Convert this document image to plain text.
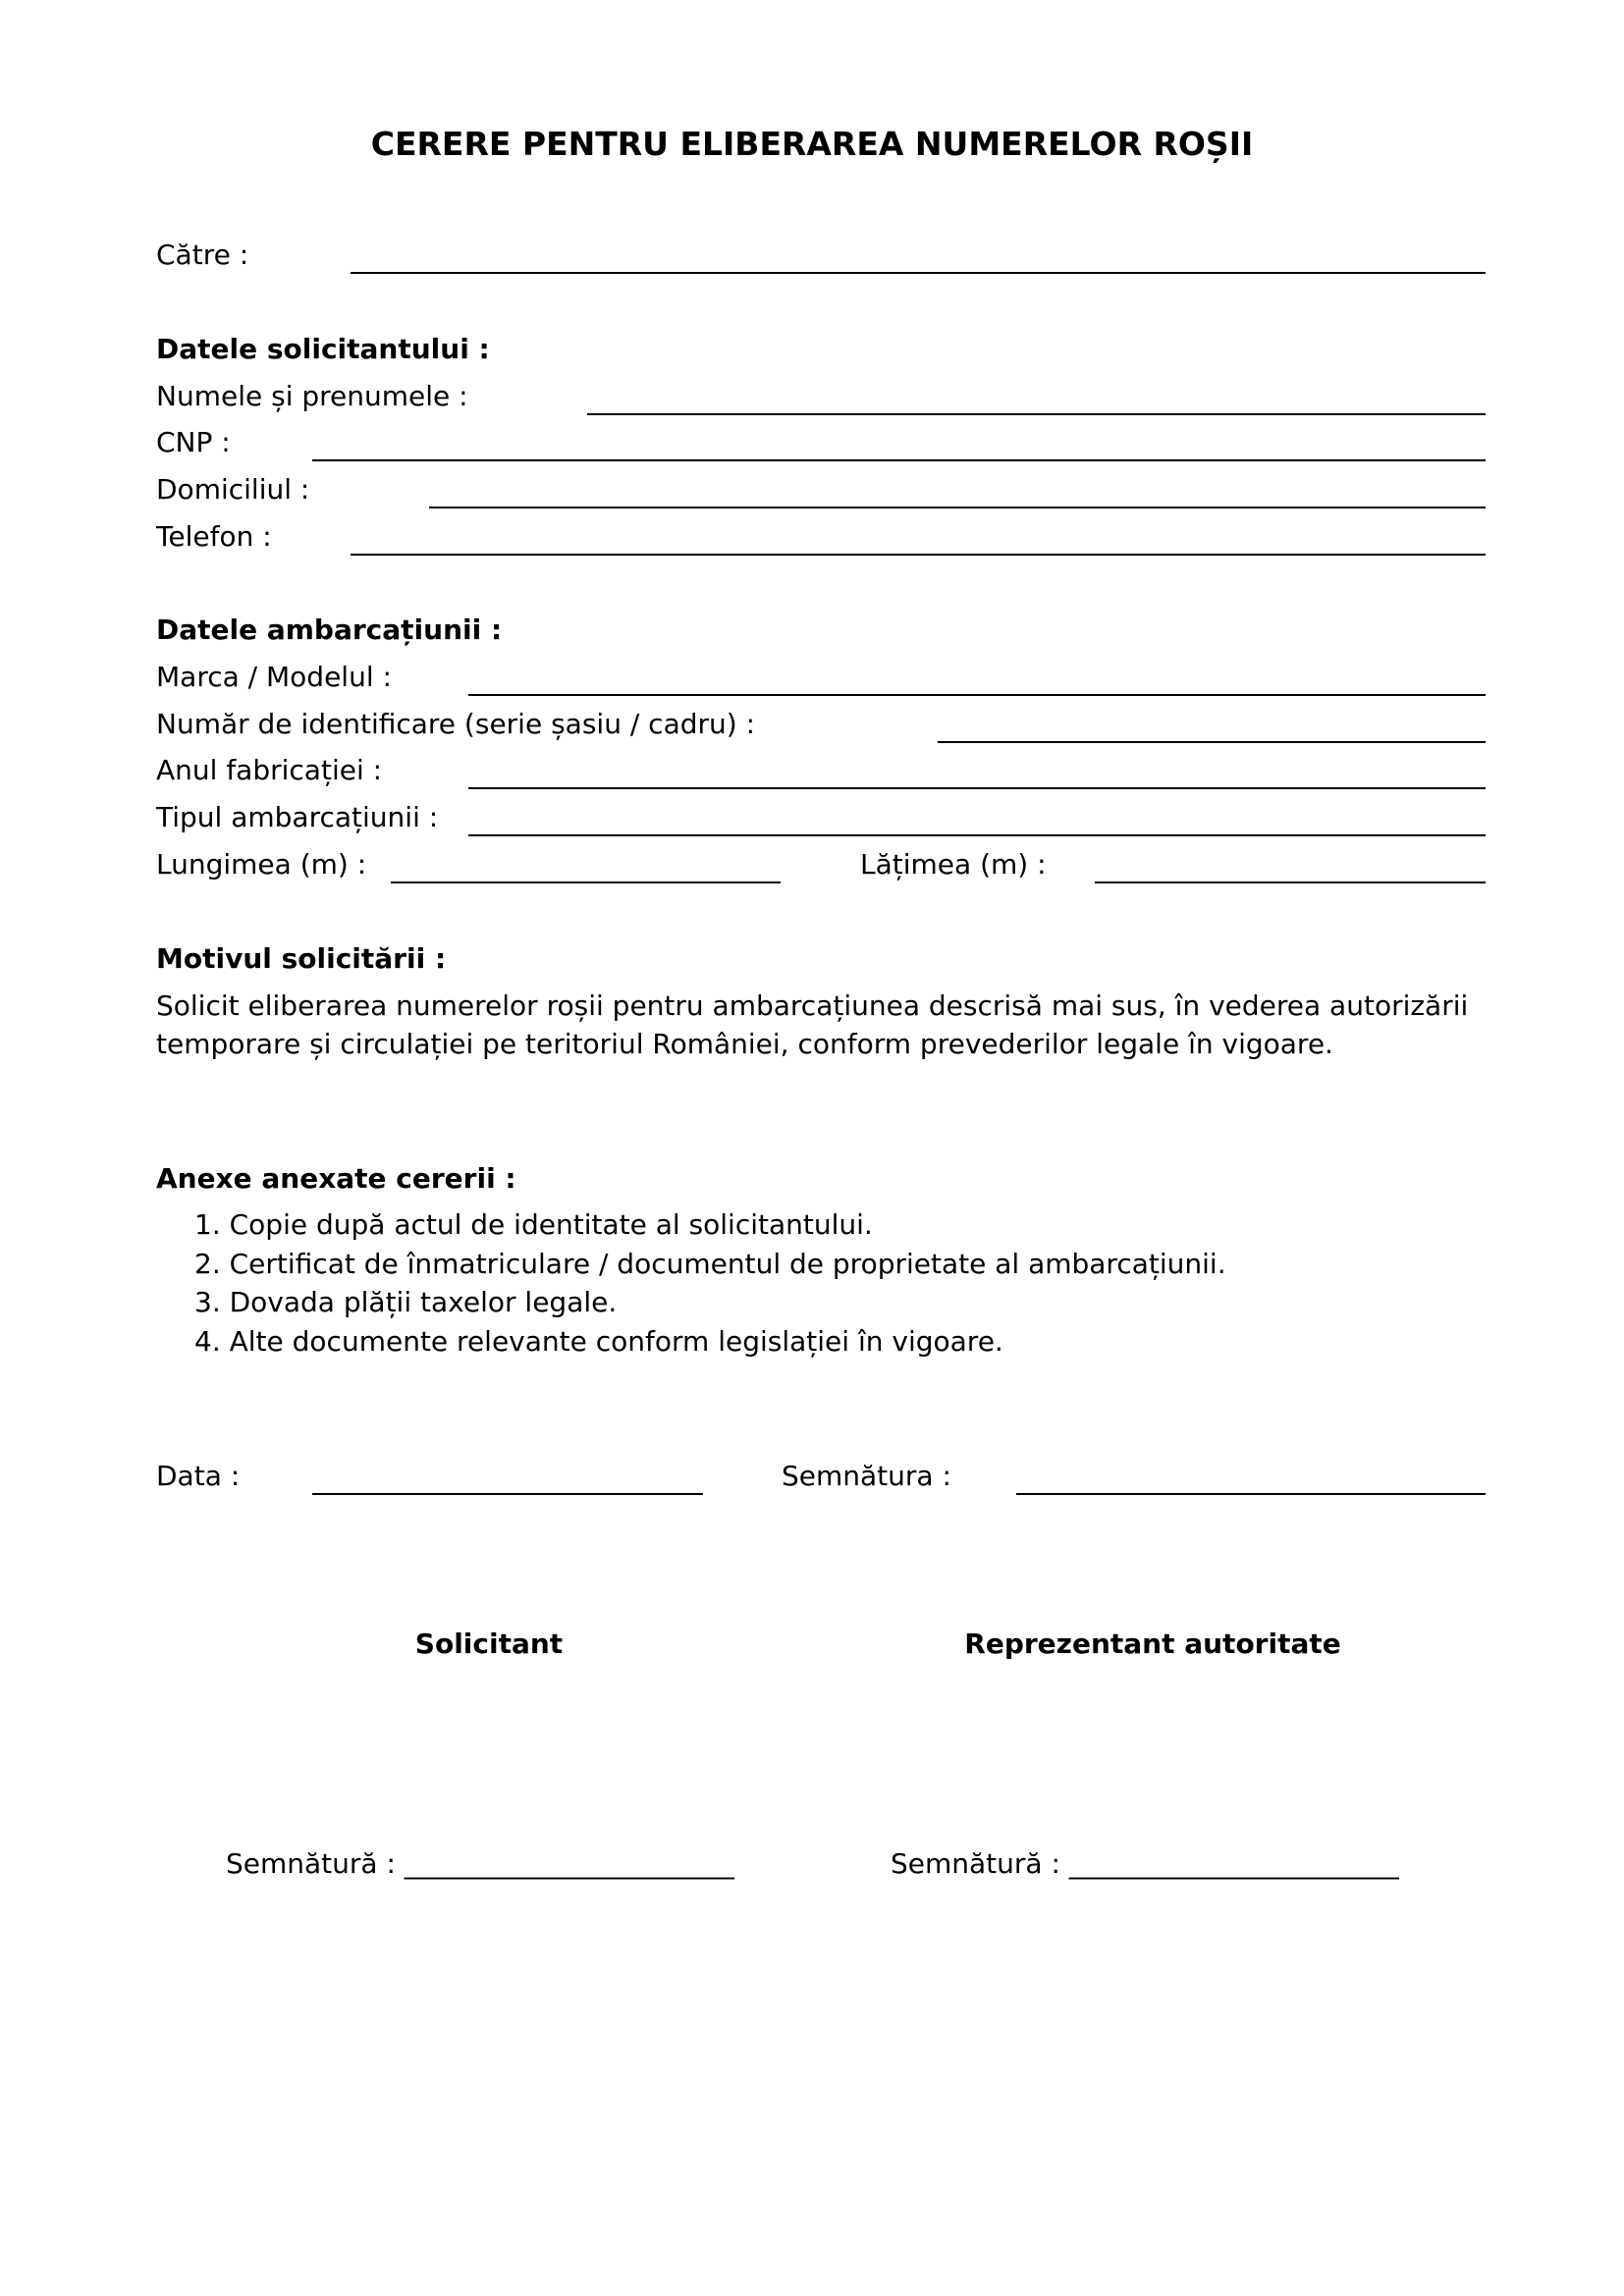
CERERE PENTRU ELIBERAREA NUMERELOR ROȘII
Către :
Datele solicitantului :
Numele și prenumele :
CNP :
Domiciliul :
Telefon :
Datele ambarcațiunii :
Marca / Modelul :
Număr de identificare (serie șasiu / cadru) :
Anul fabricației :
Tipul ambarcațiunii :
Lungimea (m) :	Lățimea (m) :
Motivul solicitării :
Solicit eliberarea numerelor roșii pentru ambarcațiunea descrisă mai sus, în vederea autorizării temporare și circulației pe teritoriul României, conform prevederilor legale în vigoare.
Anexe anexate cererii :
1. Copie după actul de identitate al solicitantului.
2. Certificat de înmatriculare / documentul de proprietate al ambarcațiunii.
3. Dovada plății taxelor legale.
4. Alte documente relevante conform legislației în vigoare.
Data :	Semnătura :
Solicitant	Reprezentant autoritate
Semnătură : ________________________	Semnătură : ________________________
